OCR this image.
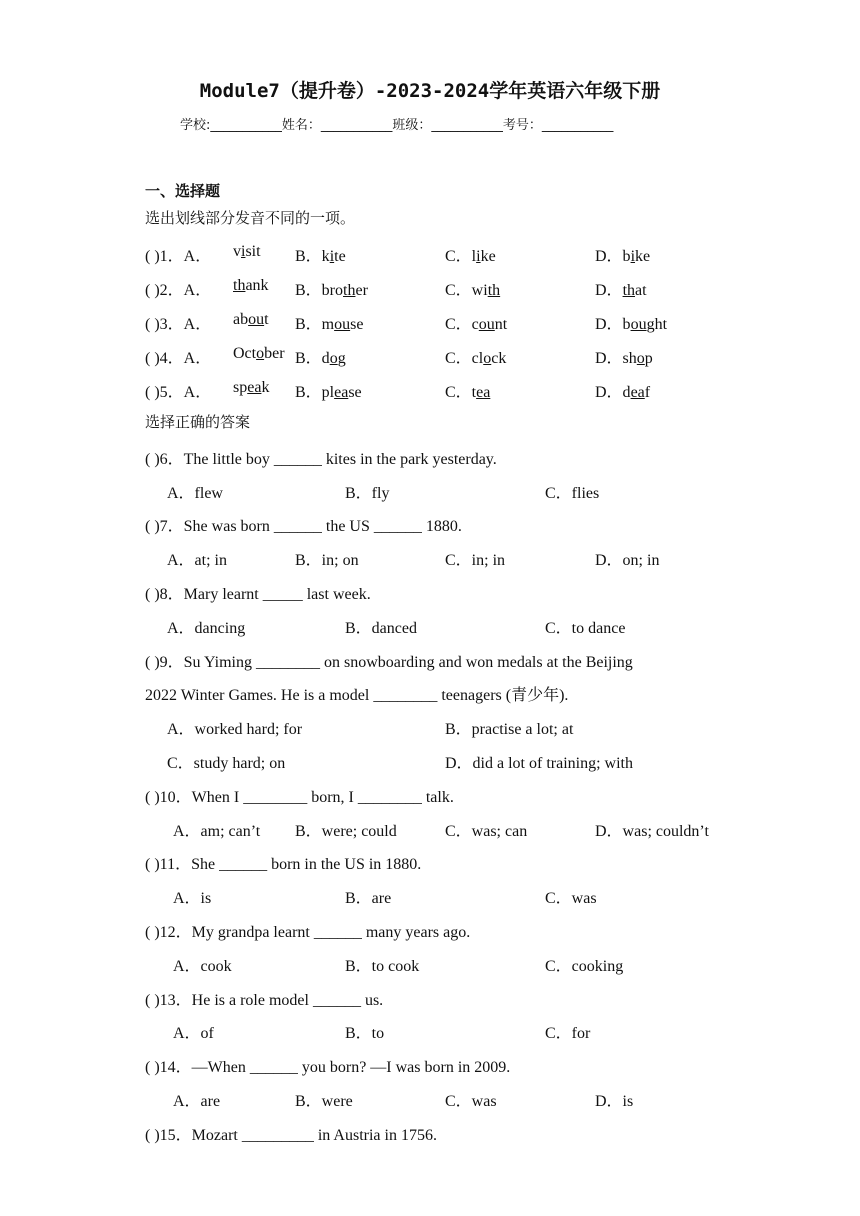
Module7（提升卷）-2023-2024学年英语六年级下册
学校:___________姓名：___________班级：___________考号：___________
一、选择题
选出划线部分发音不同的一项。
( )1．A． visit B．kite	C．like	D．bike
( )2．A． thank B．brother	C．with	D．that
( )3．A． about B．mouse	C．count	D．bought
( )4．A． October B．dog	C．clock	D．shop
( )5．A． speak B．please	C．tea	D．deaf
选择正确的答案
( )6．The little boy ______ kites in the park yesterday.
A．flew	B．fly	C．flies
( )7．She was born ______ the US ______ 1880.
A．at; in	B．in; on	C．in; in	D．on; in
( )8．Mary learnt _____ last week.
A．dancing	B．danced	C．to dance
( )9．Su Yiming ________ on snowboarding and won medals at the Beijing
2022 Winter Games. He is a model ________ teenagers (青少年).
A．worked hard; for	B．practise a lot; at
C．study hard; on	D．did a lot of training; with
( )10．When I ________ born, I ________ talk.
A．am; can’t B．were; could	C．was; can	D．was; couldn’t
( )11．She ______ born in the US in 1880.
A．is	B．are	C．was
( )12．My grandpa learnt ______ many years ago.
A．cook	B．to cook	C．cooking
( )13．He is a role model ______ us.
A．of	B．to	C．for
( )14．—When ______ you born? —I was born in 2009.
A．are	B．were	C．was	D．is
( )15．Mozart _________ in Austria in 1756.
